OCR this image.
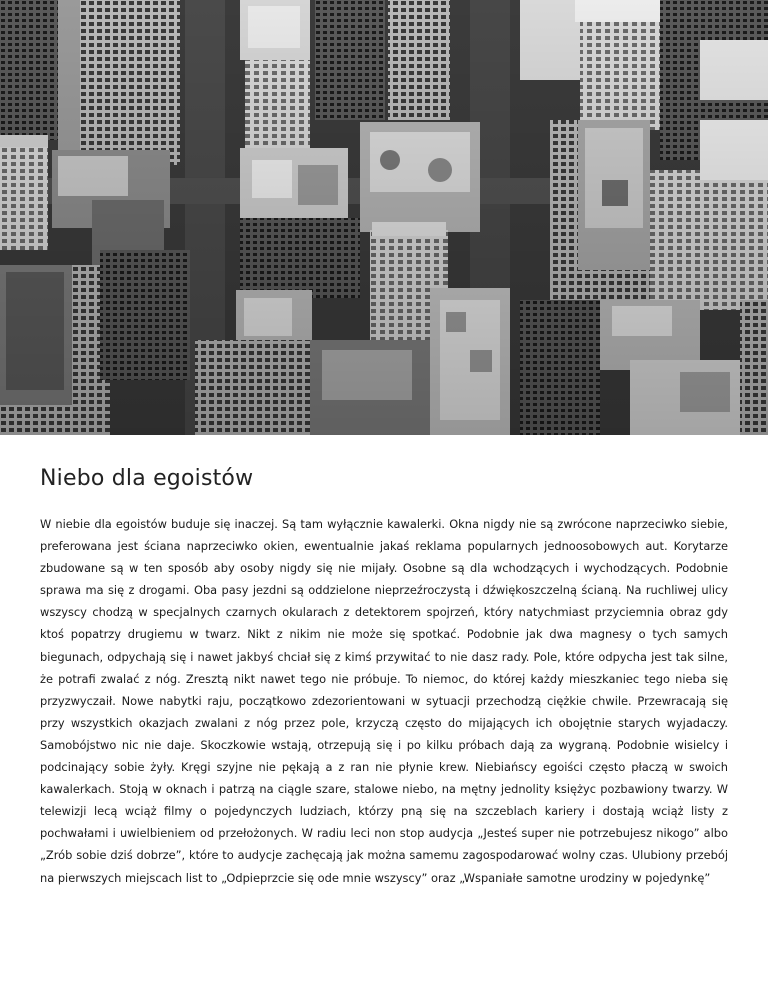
Niebo dla egoistów

W niebie dla egoistów buduje się inaczej. Są tam wyłącznie kawalerki. Okna nigdy nie są zwrócone naprzeciwko siebie, preferowana jest ściana naprzeciwko okien, ewentualnie jakaś reklama popularnych jednoosobowych aut. Korytarze zbudowane są w ten sposób aby osoby nigdy się nie mijały. Osobne są dla wchodzących i wychodzących. Podobnie sprawa ma się z drogami. Oba pasy jezdni są oddzielone nieprzeźroczystą i dźwiękoszczelną ścianą. Na ruchliwej ulicy wszyscy chodzą w specjalnych czarnych okularach z detektorem spojrzeń, który natychmiast przyciemnia obraz gdy ktoś popatrzy drugiemu w twarz. Nikt z nikim nie może się spotkać. Podobnie jak dwa magnesy o tych samych biegunach, odpychają się i nawet jakbyś chciał się z kimś przywitać to nie dasz rady. Pole, które odpycha jest tak silne, że potrafi zwalać z nóg. Zresztą nikt nawet tego nie próbuje. To niemoc, do której każdy mieszkaniec tego nieba się przyzwyczaił. Nowe nabytki raju, początkowo zdezorientowani w sytuacji przechodzą ciężkie chwile. Przewracają się przy wszystkich okazjach zwalani z nóg przez pole, krzyczą często do mijających ich obojętnie starych wyjadaczy. Samobójstwo nic nie daje. Skoczkowie wstają, otrzepują się i po kilku próbach dają za wygraną. Podobnie wisielcy i podcinający sobie żyły. Kręgi szyjne nie pękają a z ran nie płynie krew. Niebiańscy egoiści często płaczą w swoich kawalerkach. Stoją w oknach i patrzą na ciągle szare, stalowe niebo, na mętny jednolity księżyc pozbawiony twarzy. W telewizji lecą wciąż filmy o pojedynczych ludziach, którzy pną się na szczeblach kariery i dostają wciąż listy z pochwałami i uwielbieniem od przełożonych. W radiu leci non stop audycja „Jesteś super nie potrzebujesz nikogo” albo „Zrób sobie dziś dobrze”, które to audycje zachęcają jak można samemu zagospodarować wolny czas. Ulubiony przebój na pierwszych miejscach list to „Odpieprzcie się ode mnie wszyscy” oraz „Wspaniałe samotne urodziny w pojedynkę”
